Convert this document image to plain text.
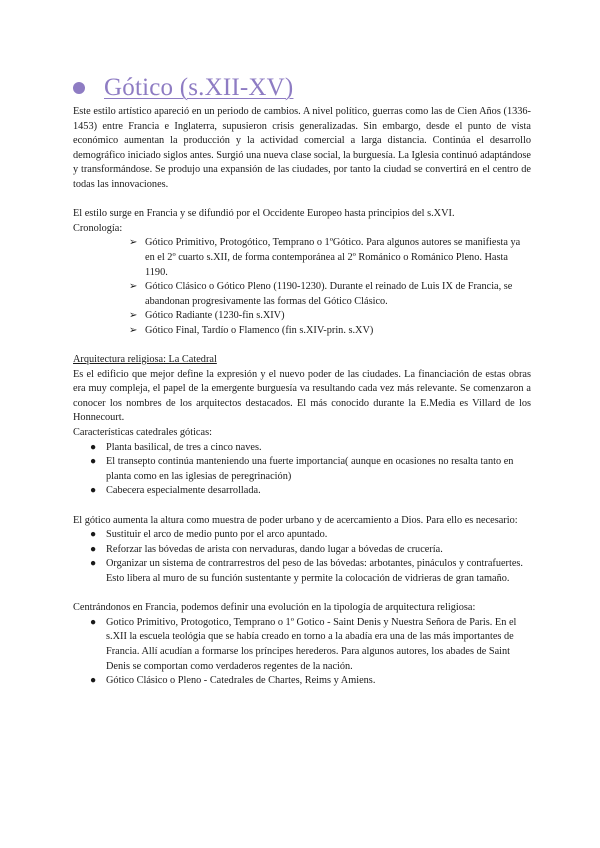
Gótico (s.XII-XV)

Este estilo artístico apareció en un periodo de cambios. A nivel político, guerras como las de Cien Años (1336-1453) entre Francia e Inglaterra, supusieron crisis generalizadas. Sin embargo, desde el punto de vista económico aumentan la producción y la actividad comercial a larga distancia. Continúa el desarrollo demográfico iniciado siglos antes. Surgió una nueva clase social, la burguesía. La Iglesia continuó adaptándose y transformándose. Se produjo una expansión de las ciudades, por tanto la ciudad se convertirá en el centro de todas las innovaciones.

El estilo surge en Francia y se difundió por el Occidente Europeo hasta principios del s.XVI.

Cronología:

➢ Gótico Primitivo, Protogótico, Temprano o 1ºGótico. Para algunos autores se manifiesta ya en el 2º cuarto s.XII, de forma contemporánea al 2º Románico o Románico Pleno. Hasta 1190.
➢ Gótico Clásico o Gótico Pleno (1190-1230). Durante el reinado de Luis IX de Francia, se abandonan progresivamente las formas del Gótico Clásico.
➢ Gótico Radiante (1230-fin s.XIV)
➢ Gótico Final, Tardío o Flamenco (fin s.XIV-prin. s.XV)

Arquitectura religiosa: La Catedral

Es el edificio que mejor define la expresión y el nuevo poder de las ciudades. La financiación de estas obras era muy compleja, el papel de la emergente burguesía va resultando cada vez más relevante. Se comenzaron a conocer los nombres de los arquitectos destacados. El más conocido durante la E.Media es Villard de los Honnecourt.

Características catedrales góticas:

● Planta basilical, de tres a cinco naves.
● El transepto continúa manteniendo una fuerte importancia( aunque en ocasiones no resalta tanto en planta como en las iglesias de peregrinación)
● Cabecera especialmente desarrollada.

El gótico aumenta la altura como muestra de poder urbano y de acercamiento a Dios. Para ello es necesario:

● Sustituir el arco de medio punto por el arco apuntado.
● Reforzar las bóvedas de arista con nervaduras, dando lugar a bóvedas de crucería.
● Organizar un sistema de contrarrestros del peso de las bóvedas: arbotantes, pináculos y contrafuertes. Esto libera al muro de su función sustentante y permite la colocación de vidrieras de gran tamaño.

Centrándonos en Francia, podemos definir una evolución en la tipología de arquitectura religiosa:

● Gotico Primitivo, Protogotico, Temprano o 1º Gotico - Saint Denis y Nuestra Señora de Paris. En el s.XII la escuela teológia que se había creado en torno a la abadía era una de las más importantes de Francia. Allí acudían a formarse los príncipes herederos. Para algunos autores, los abades de Saint Denis se comportan como verdaderos regentes de la nación.
● Gótico Clásico o Pleno - Catedrales de Chartes, Reims y Amiens.
